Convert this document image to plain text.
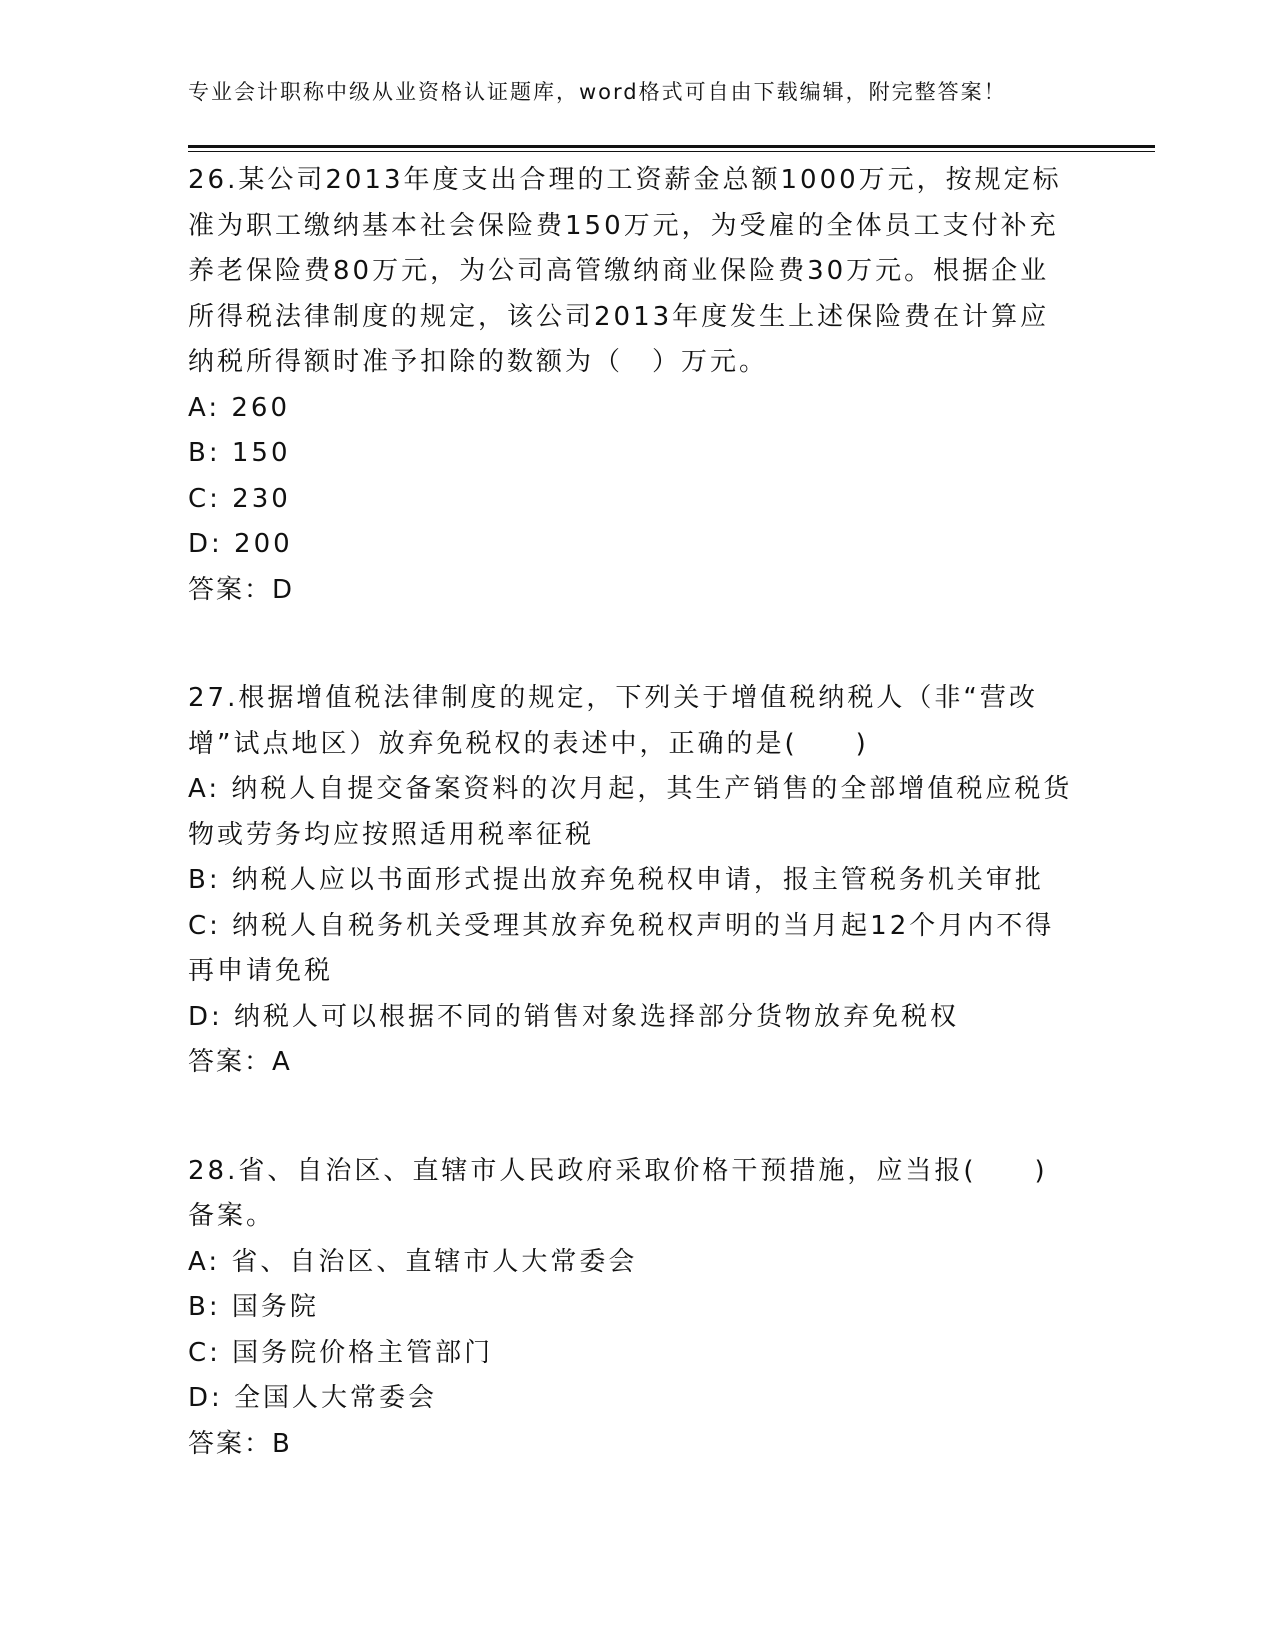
专业会计职称中级从业资格认证题库，word格式可自由下载编辑，附完整答案！

26.某公司2013年度支出合理的工资薪金总额1000万元，按规定标准为职工缴纳基本社会保险费150万元，为受雇的全体员工支付补充养老保险费80万元，为公司高管缴纳商业保险费30万元。根据企业所得税法律制度的规定，该公司2013年度发生上述保险费在计算应纳税所得额时准予扣除的数额为（　）万元。

A: 260

B: 150

C: 230

D: 200

答案：D

27.根据增值税法律制度的规定，下列关于增值税纳税人（非“营改增”试点地区）放弃免税权的表述中，正确的是(　　)

A: 纳税人自提交备案资料的次月起，其生产销售的全部增值税应税货物或劳务均应按照适用税率征税

B: 纳税人应以书面形式提出放弃免税权申请，报主管税务机关审批

C: 纳税人自税务机关受理其放弃免税权声明的当月起12个月内不得再申请免税

D: 纳税人可以根据不同的销售对象选择部分货物放弃免税权

答案：A

28.省、自治区、直辖市人民政府采取价格干预措施，应当报(　　)备案。

A: 省、自治区、直辖市人大常委会

B: 国务院

C: 国务院价格主管部门

D: 全国人大常委会

答案：B
